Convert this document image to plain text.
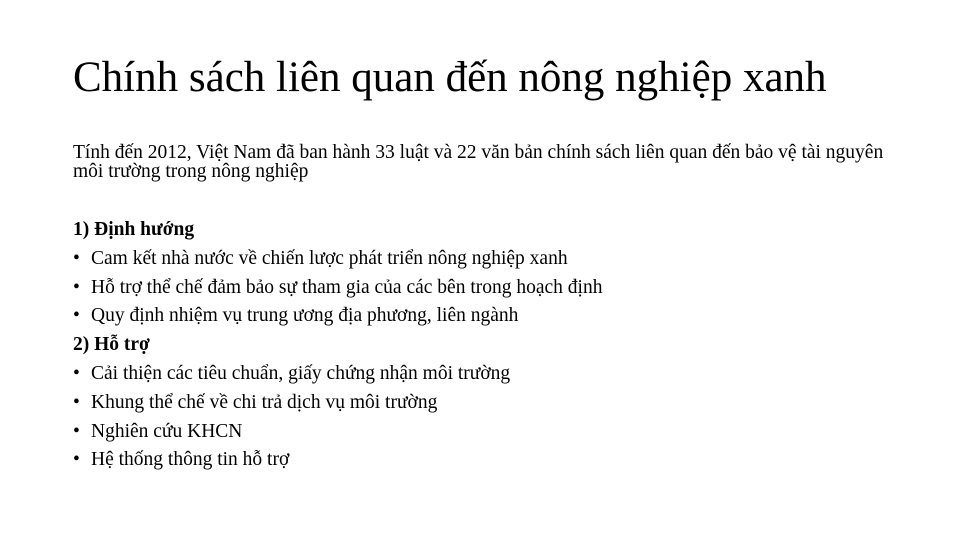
Chính sách liên quan đến nông nghiệp xanh

Tính đến 2012, Việt Nam đã ban hành 33 luật và 22 văn bản chính sách liên quan đến bảo vệ tài nguyên môi trường trong nông nghiệp

1) Định hướng
• Cam kết nhà nước về chiến lược phát triển nông nghiệp xanh
• Hỗ trợ thể chế đảm bảo sự tham gia của các bên trong hoạch định
• Quy định nhiệm vụ trung ương địa phương, liên ngành
2) Hỗ trợ
• Cải thiện các tiêu chuẩn, giấy chứng nhận môi trường
• Khung thể chế về chi trả dịch vụ môi trường
• Nghiên cứu KHCN
• Hệ thống thông tin hỗ trợ
